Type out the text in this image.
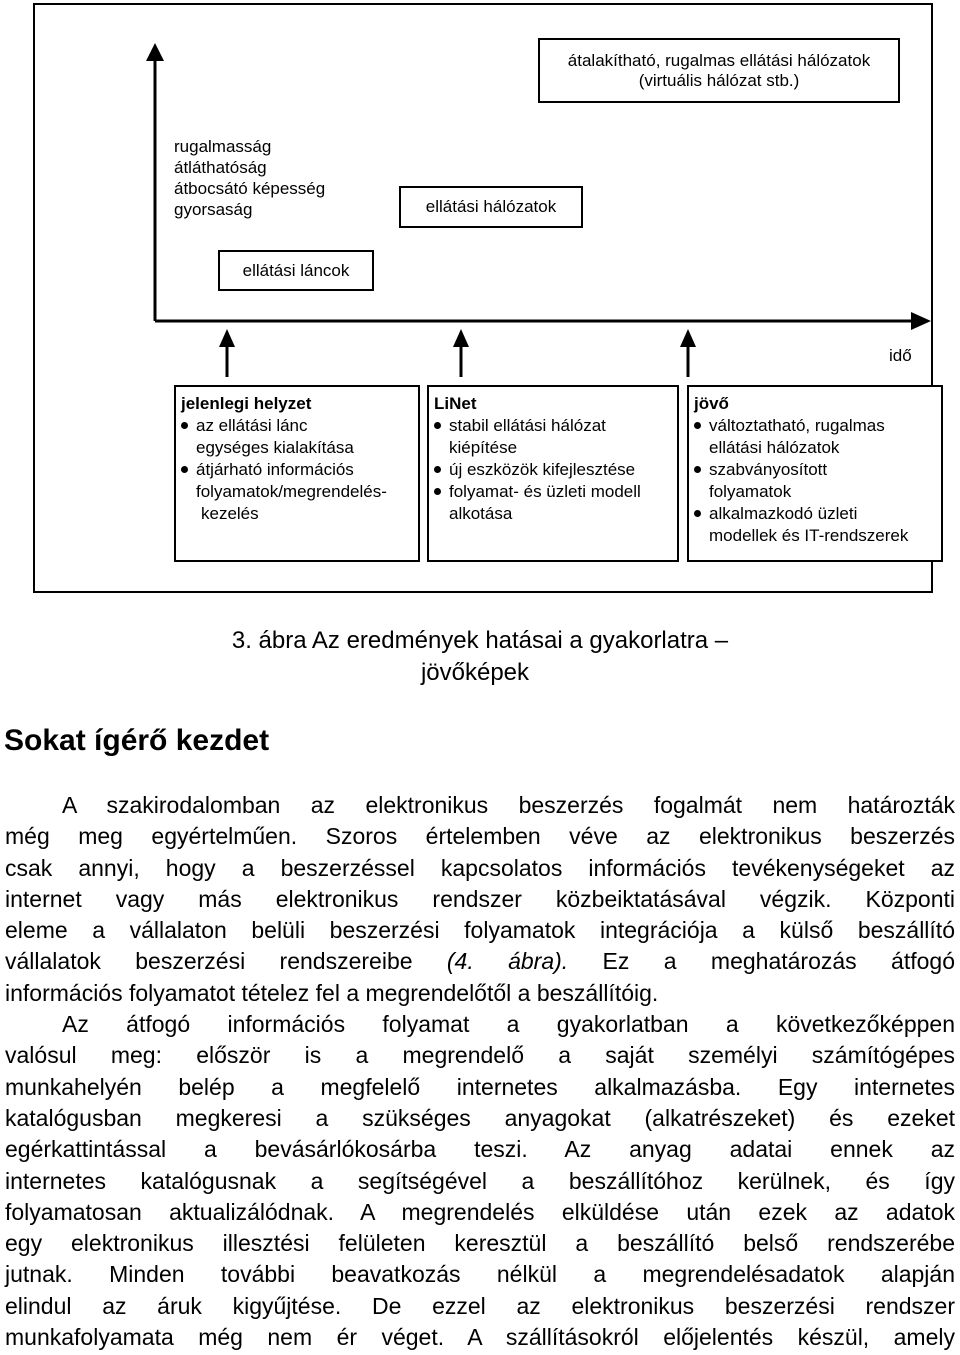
átalakítható, rugalmas ellátási hálózatok
(virtuális hálózat stb.)
ellátási hálózatok
ellátási láncok
rugalmasság
átláthatóság
átbocsátó képesség
gyorsaság
idő
jelenlegi helyzet
az ellátási lánc
egységes kialakítása
átjárható információs
folyamatok/megrendelés-
kezelés
LiNet
stabil ellátási hálózat
kiépítése
új eszközök kifejlesztése
folyamat- és üzleti modell
alkotása
jövő
változtatható, rugalmas
ellátási hálózatok
szabványosított
folyamatok
alkalmazkodó üzleti
modellek és IT-rendszerek
3. ábra Az eredmények hatásai a gyakorlatra –
jövőképek
Sokat ígérő kezdet
A szakirodalomban az elektronikus beszerzés fogalmát nem határozták
még meg egyértelműen. Szoros értelemben véve az elektronikus beszerzés
csak annyi, hogy a beszerzéssel kapcsolatos információs tevékenységeket az
internet vagy más elektronikus rendszer közbeiktatásával végzik. Központi
eleme a vállalaton belüli beszerzési folyamatok integrációja a külső beszállító
vállalatok beszerzési rendszereibe (4. ábra). Ez a meghatározás átfogó
információs folyamatot tételez fel a megrendelőtől a beszállítóig.
Az átfogó információs folyamat a gyakorlatban a következőképpen
valósul meg: először is a megrendelő a saját személyi számítógépes
munkahelyén belép a megfelelő internetes alkalmazásba. Egy internetes
katalógusban megkeresi a szükséges anyagokat (alkatrészeket) és ezeket
egérkattintással a bevásárlókosárba teszi. Az anyag adatai ennek az
internetes katalógusnak a segítségével a beszállítóhoz kerülnek, és így
folyamatosan aktualizálódnak. A megrendelés elküldése után ezek az adatok
egy elektronikus illesztési felületen keresztül a beszállító belső rendszerébe
jutnak. Minden további beavatkozás nélkül a megrendelésadatok alapján
elindul az áruk kigyűjtése. De ezzel az elektronikus beszerzési rendszer
munkafolyamata még nem ér véget. A szállításokról előjelentés készül, amely
